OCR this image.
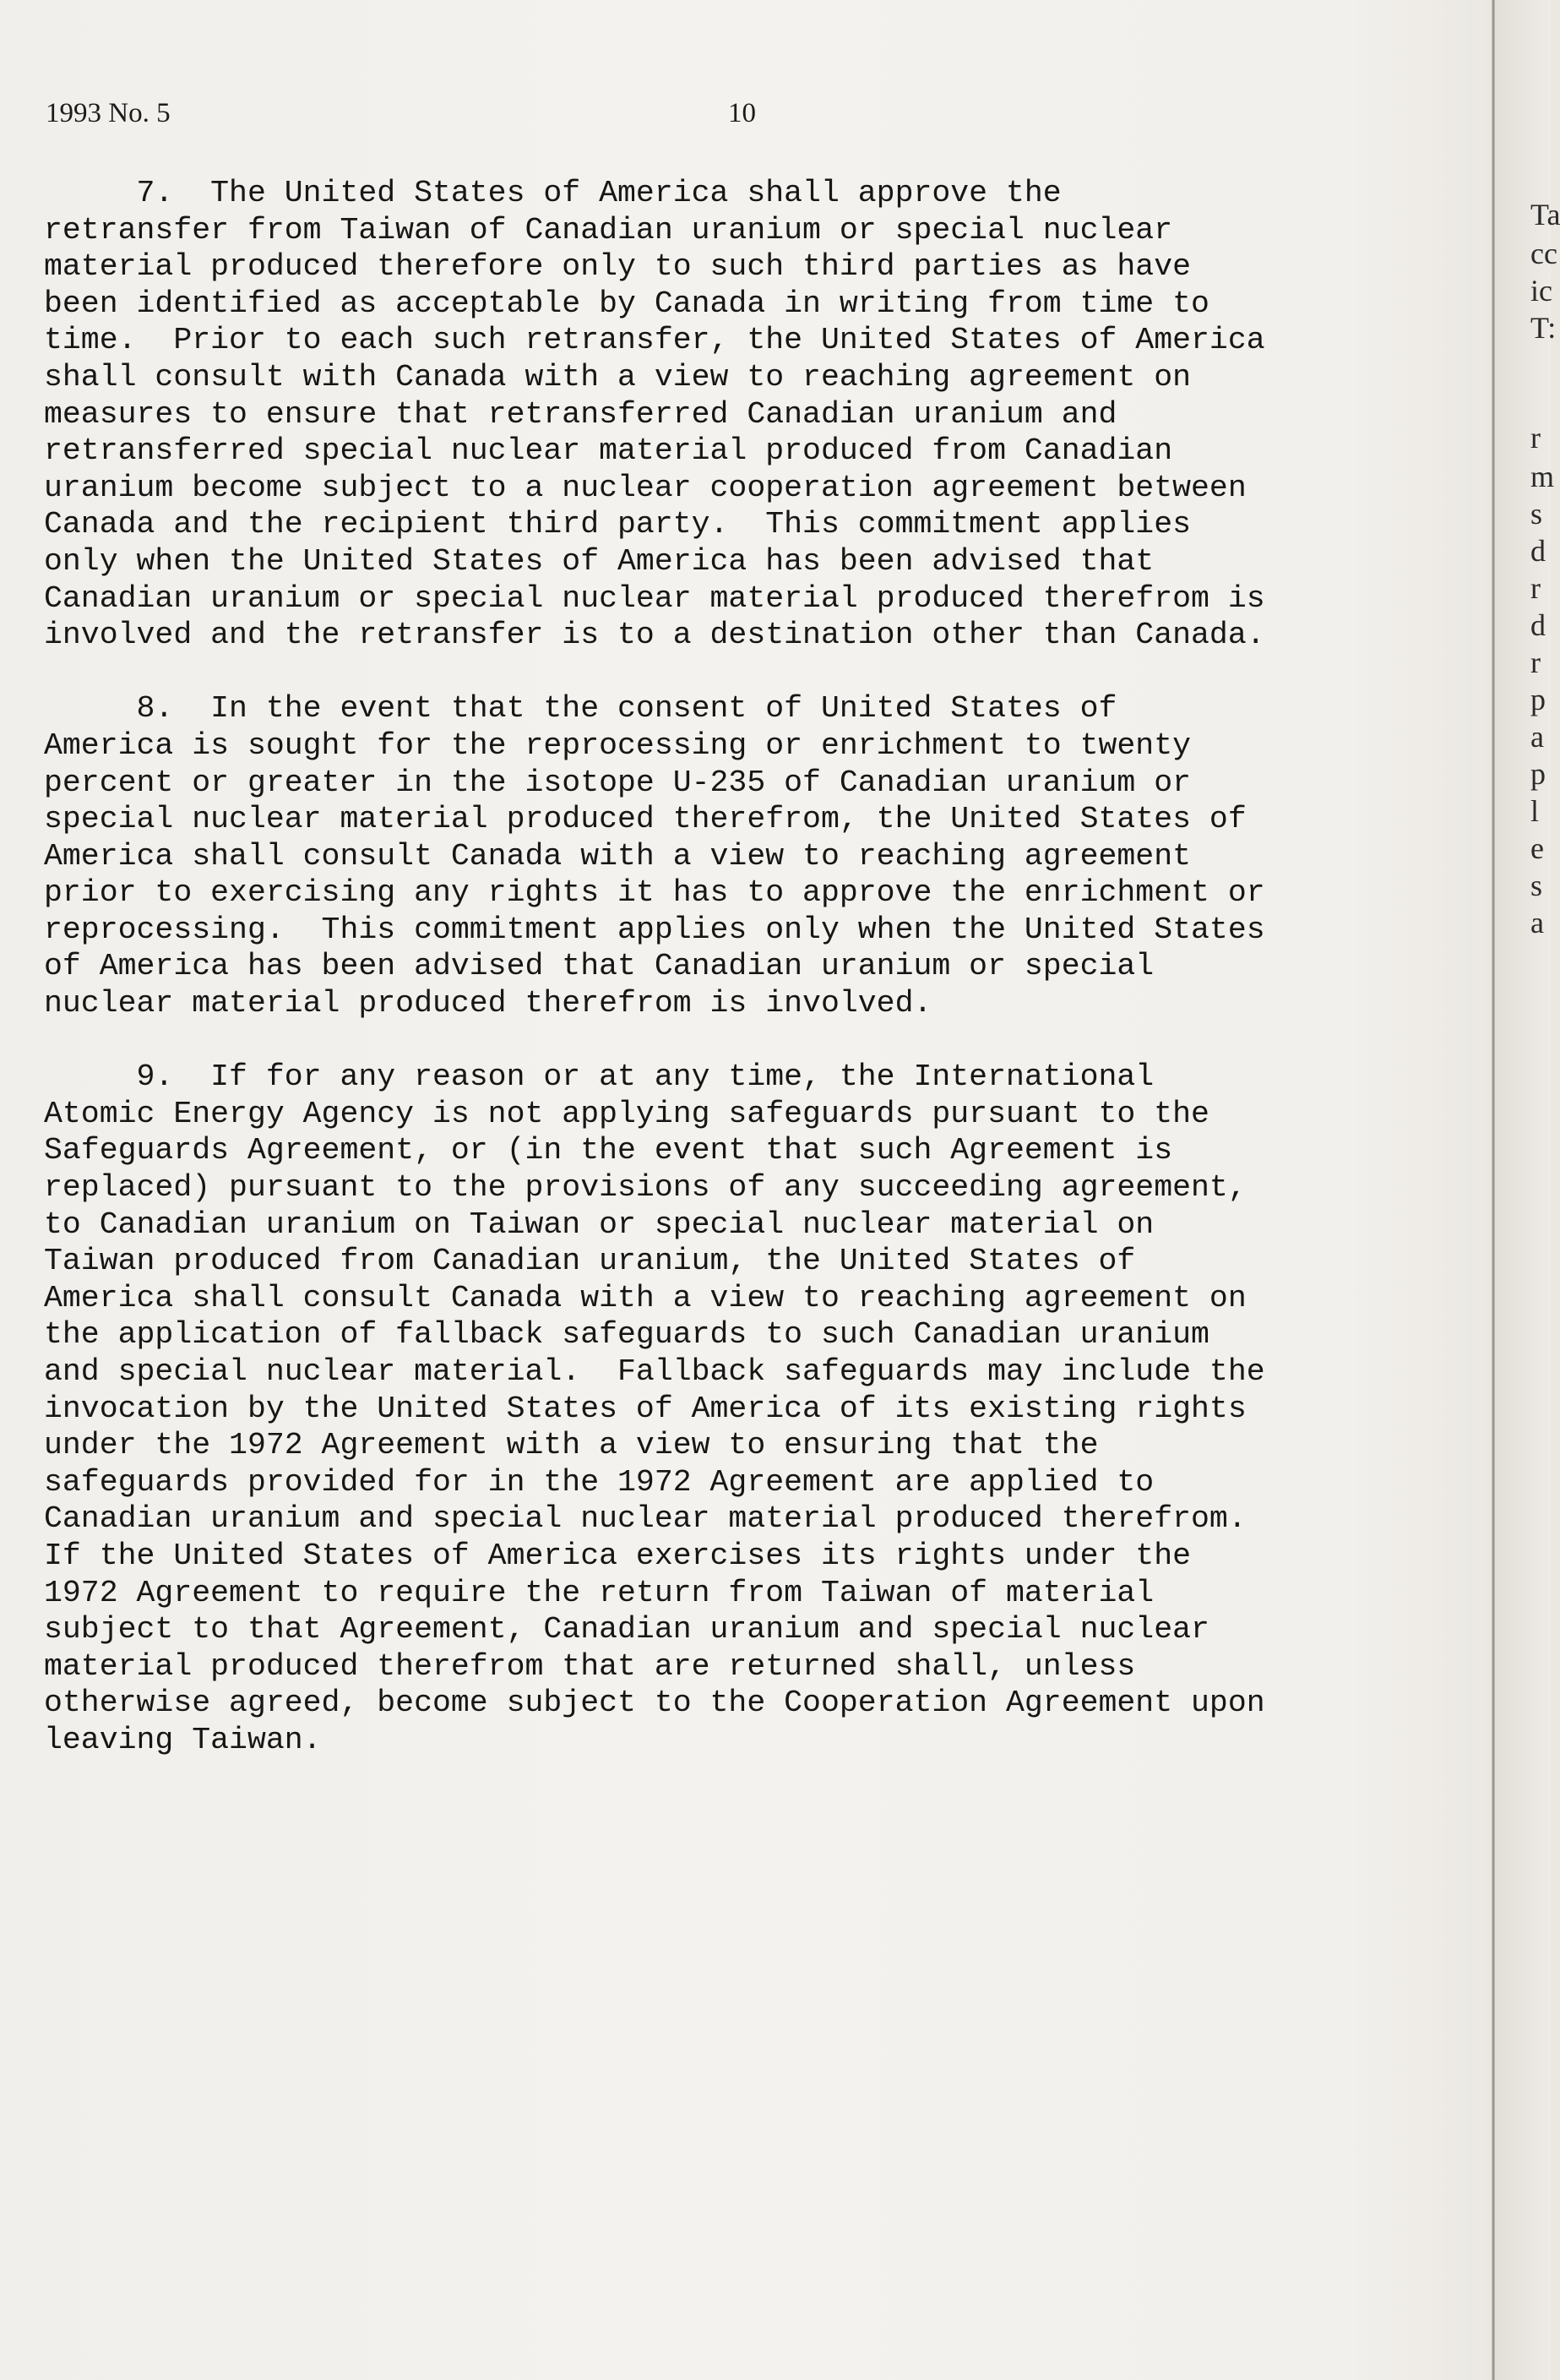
Ta
cc
ic
T:
r
m
s
d
r
d
r
p
a
p
l
e
s
a
1993 No. 5	10
7.  The United States of America shall approve the
retransfer from Taiwan of Canadian uranium or special nuclear
material produced therefore only to such third parties as have
been identified as acceptable by Canada in writing from time to
time.  Prior to each such retransfer, the United States of America
shall consult with Canada with a view to reaching agreement on
measures to ensure that retransferred Canadian uranium and
retransferred special nuclear material produced from Canadian
uranium become subject to a nuclear cooperation agreement between
Canada and the recipient third party.  This commitment applies
only when the United States of America has been advised that
Canadian uranium or special nuclear material produced therefrom is
involved and the retransfer is to a destination other than Canada.
8.  In the event that the consent of United States of
America is sought for the reprocessing or enrichment to twenty
percent or greater in the isotope U-235 of Canadian uranium or
special nuclear material produced therefrom, the United States of
America shall consult Canada with a view to reaching agreement
prior to exercising any rights it has to approve the enrichment or
reprocessing.  This commitment applies only when the United States
of America has been advised that Canadian uranium or special
nuclear material produced therefrom is involved.
9.  If for any reason or at any time, the International
Atomic Energy Agency is not applying safeguards pursuant to the
Safeguards Agreement, or (in the event that such Agreement is
replaced) pursuant to the provisions of any succeeding agreement,
to Canadian uranium on Taiwan or special nuclear material on
Taiwan produced from Canadian uranium, the United States of
America shall consult Canada with a view to reaching agreement on
the application of fallback safeguards to such Canadian uranium
and special nuclear material.  Fallback safeguards may include the
invocation by the United States of America of its existing rights
under the 1972 Agreement with a view to ensuring that the
safeguards provided for in the 1972 Agreement are applied to
Canadian uranium and special nuclear material produced therefrom.
If the United States of America exercises its rights under the
1972 Agreement to require the return from Taiwan of material
subject to that Agreement, Canadian uranium and special nuclear
material produced therefrom that are returned shall, unless
otherwise agreed, become subject to the Cooperation Agreement upon
leaving Taiwan.
